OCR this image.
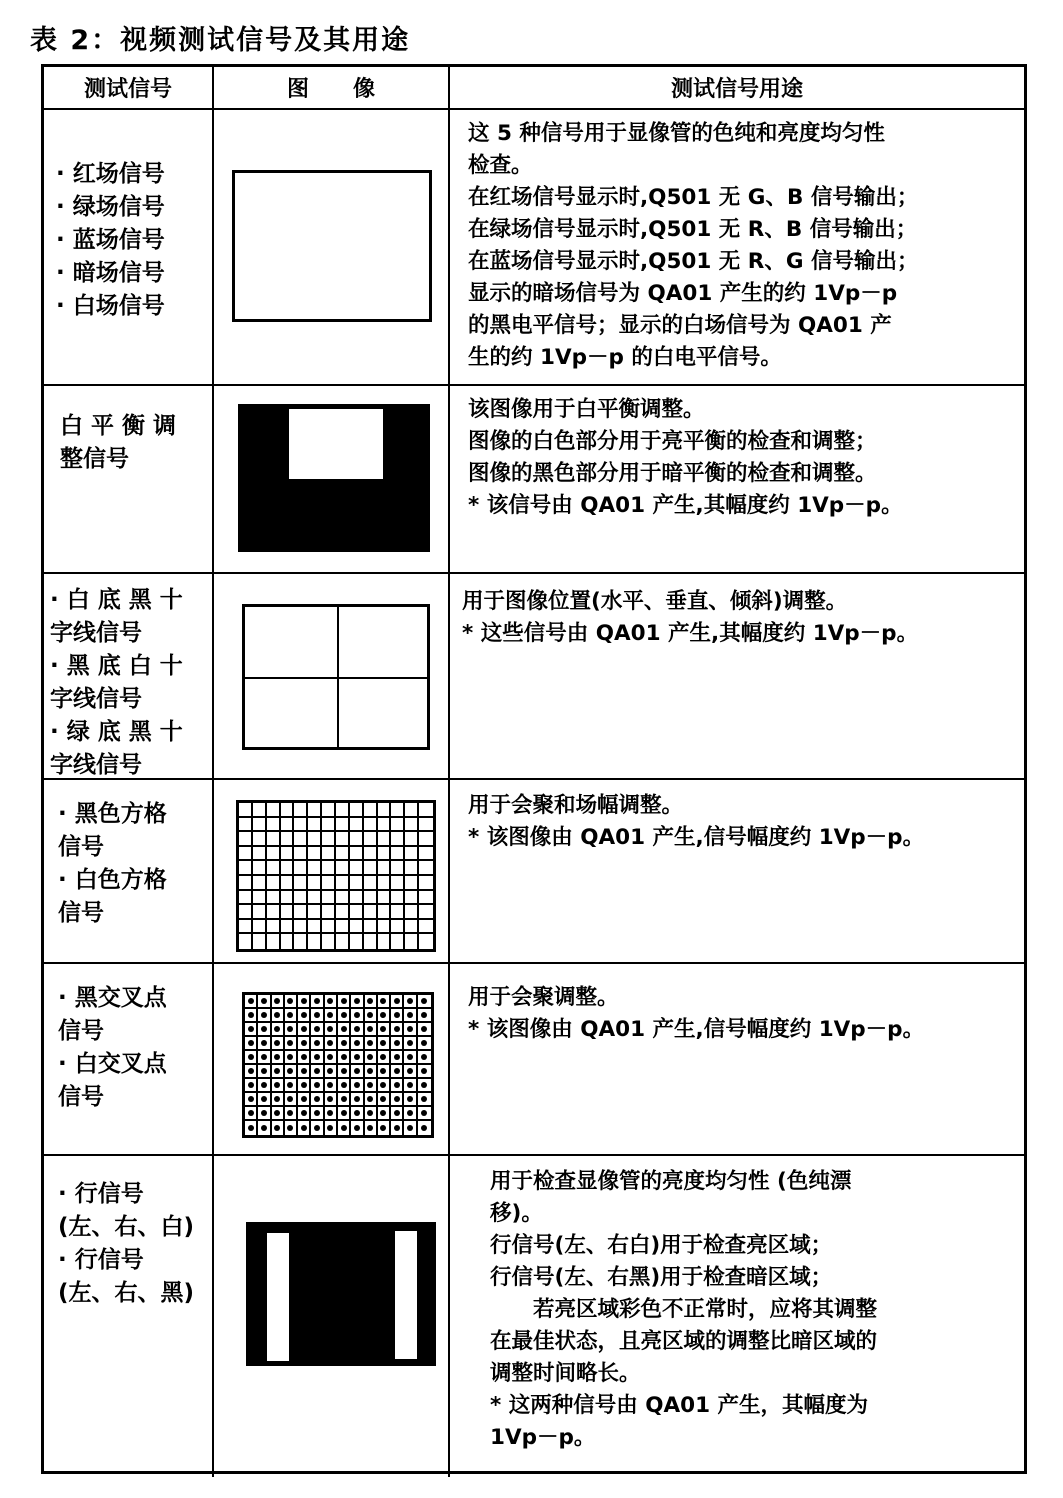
表 2：视频测试信号及其用途
测试信号	图　　像	测试信号用途
· 红场信号
· 绿场信号
· 蓝场信号
· 暗场信号
· 白场信号
这 5 种信号用于显像管的色纯和亮度均匀性
检查。
在红场信号显示时,Q501 无 G、B 信号输出；
在绿场信号显示时,Q501 无 R、B 信号输出；
在蓝场信号显示时,Q501 无 R、G 信号输出；
显示的暗场信号为 QA01 产生的约 1Vp－p
的黑电平信号；显示的白场信号为 QA01 产
生的约 1Vp－p 的白电平信号。
白 平 衡 调
整信号
该图像用于白平衡调整。
图像的白色部分用于亮平衡的检查和调整；
图像的黑色部分用于暗平衡的检查和调整。
* 该信号由 QA01 产生,其幅度约 1Vp－p。
· 白 底 黑 十
字线信号
· 黑 底 白 十
字线信号
· 绿 底 黑 十
字线信号
用于图像位置(水平、垂直、倾斜)调整。
* 这些信号由 QA01 产生,其幅度约 1Vp－p。
· 黑色方格
信号
· 白色方格
信号
用于会聚和场幅调整。
* 该图像由 QA01 产生,信号幅度约 1Vp－p。
· 黑交叉点
信号
· 白交叉点
信号
用于会聚调整。
* 该图像由 QA01 产生,信号幅度约 1Vp－p。
· 行信号
(左、右、白)
· 行信号
(左、右、黑)
用于检查显像管的亮度均匀性 (色纯漂
移)。
行信号(左、右白)用于检查亮区域；
行信号(左、右黑)用于检查暗区域；
　　若亮区域彩色不正常时，应将其调整
在最佳状态，且亮区域的调整比暗区域的
调整时间略长。
* 这两种信号由 QA01 产生，其幅度为
1Vp－p。
